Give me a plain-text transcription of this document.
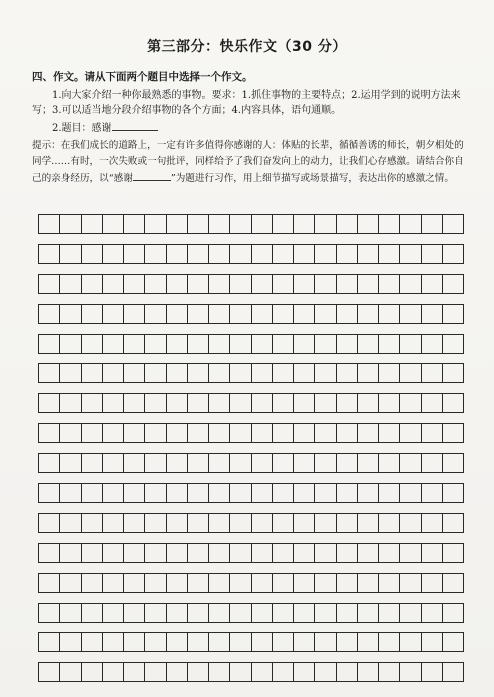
第三部分：快乐作文（30 分）
四、作文。请从下面两个题目中选择一个作文。
1.向大家介绍一种你最熟悉的事物。要求：1.抓住事物的主要特点；2.运用学到的说明方法来写；3.可以适当地分段介绍事物的各个方面；4.内容具体，语句通顺。
2.题目：感谢
提示：在我们成长的道路上，一定有许多值得你感谢的人：体贴的长辈，循循善诱的师长，朝夕相处的同学……有时，一次失败或一句批评，同样给予了我们奋发向上的动力，让我们心存感激。请结合你自己的亲身经历，以“感谢	”为题进行习作，用上细节描写或场景描写，表达出你的感激之情。
